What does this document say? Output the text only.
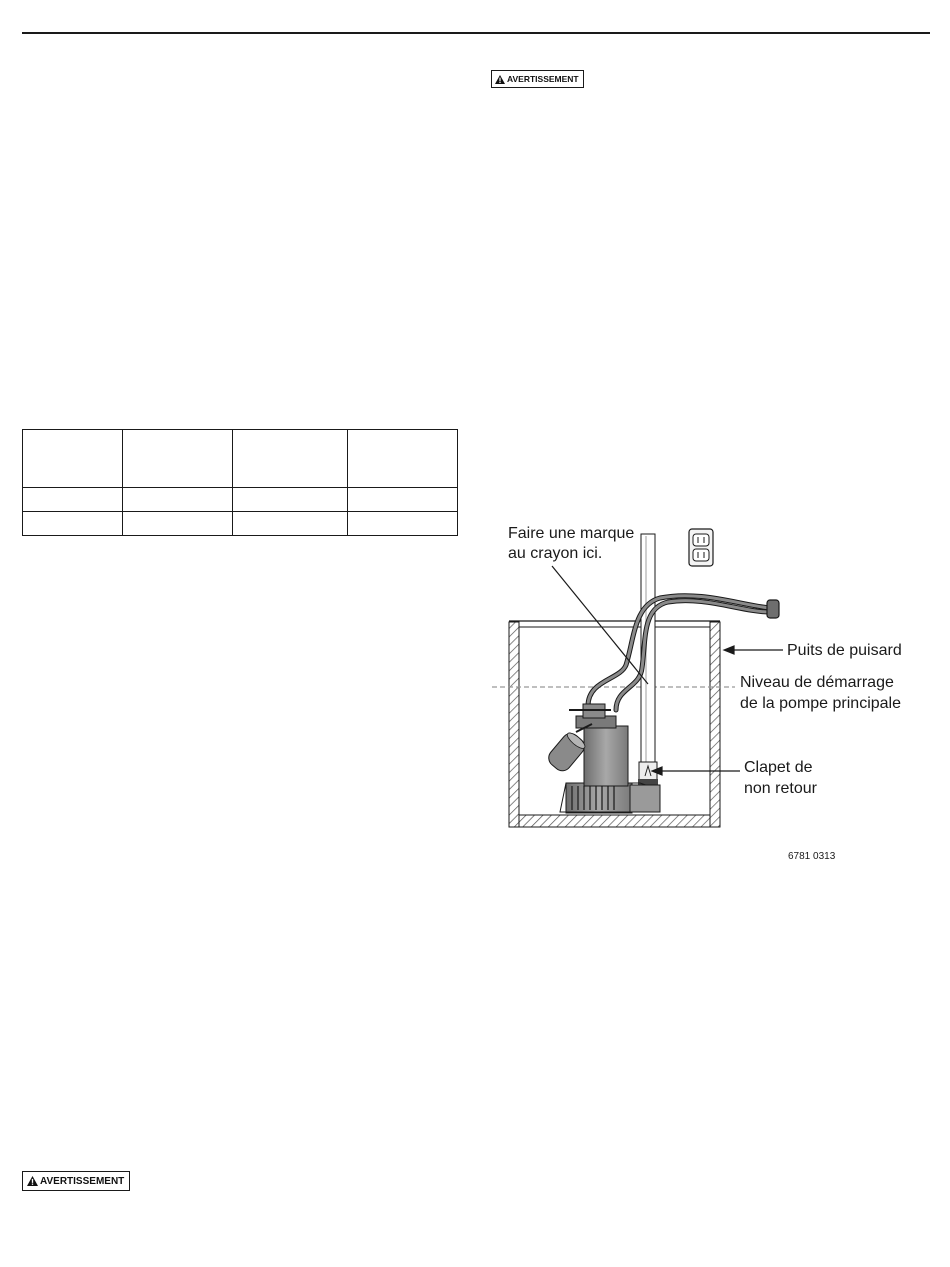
AVERTISSEMENT

Faire une marque
au crayon ici.
Puits de puisard
Niveau de démarrage
de la pompe principale
Clapet de
non retour
6781 0313
AVERTISSEMENT
